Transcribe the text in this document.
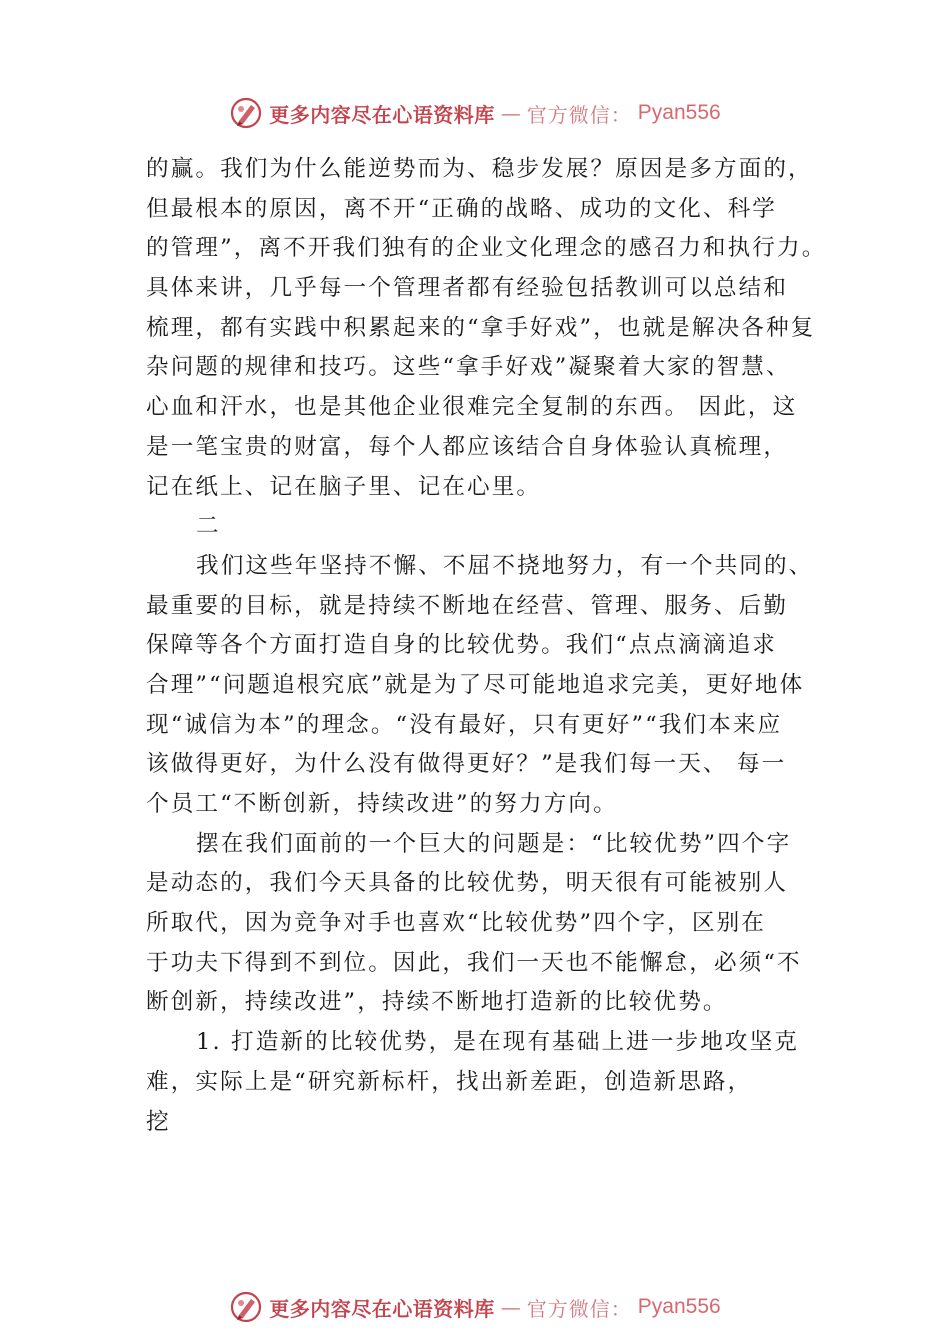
更多内容尽在心语资料库 — 官方微信： Pyan556
的赢。我们为什么能逆势而为、稳步发展？原因是多方面的，
但最根本的原因，离不开“正确的战略、成功的文化、科学
的管理”，离不开我们独有的企业文化理念的感召力和执行力。
具体来讲，几乎每一个管理者都有经验包括教训可以总结和
梳理，都有实践中积累起来的“拿手好戏”，也就是解决各种复
杂问题的规律和技巧。这些“拿手好戏”凝聚着大家的智慧、
心血和汗水，也是其他企业很难完全复制的东西。 因此，这
是一笔宝贵的财富，每个人都应该结合自身体验认真梳理，
记在纸上、记在脑子里、记在心里。
二
我们这些年坚持不懈、不屈不挠地努力，有一个共同的、
最重要的目标，就是持续不断地在经营、管理、服务、后勤
保障等各个方面打造自身的比较优势。我们“点点滴滴追求
合理”“问题追根究底”就是为了尽可能地追求完美，更好地体
现“诚信为本”的理念。“没有最好，只有更好”“我们本来应
该做得更好，为什么没有做得更好？”是我们每一天、 每一
个员工“不断创新，持续改进”的努力方向。
摆在我们面前的一个巨大的问题是：“比较优势”四个字
是动态的，我们今天具备的比较优势，明天很有可能被别人
所取代，因为竞争对手也喜欢“比较优势”四个字，区别在
于功夫下得到不到位。因此，我们一天也不能懈怠，必须“不
断创新，持续改进”，持续不断地打造新的比较优势。
1. 打造新的比较优势，是在现有基础上进一步地攻坚克
难，实际上是“研究新标杆，找出新差距，创造新思路，
挖
更多内容尽在心语资料库 — 官方微信： Pyan556
